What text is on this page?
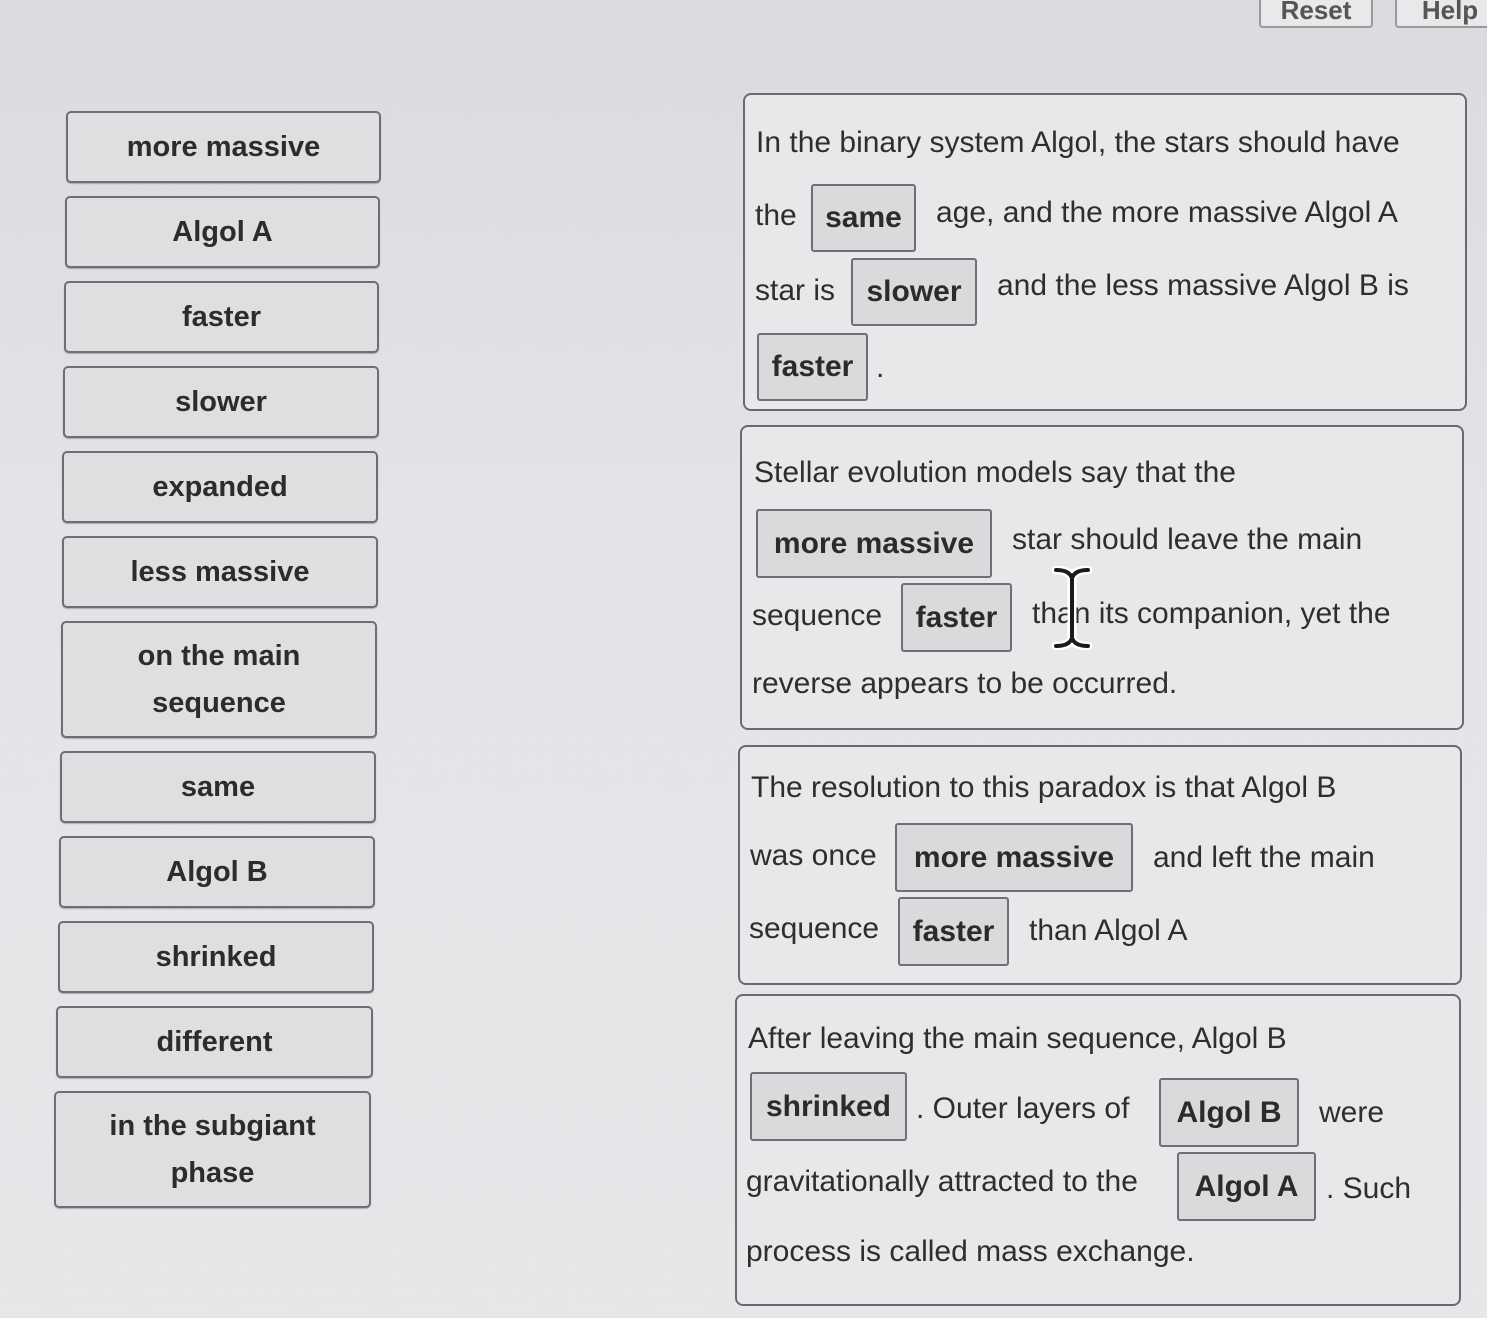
Reset	Help
more massive
Algol A
faster
slower
expanded
less massive
on the main
sequence
same
Algol B
shrinked
different
in the subgiant
phase
In the binary system Algol, the stars should have
the same	age, and the more massive Algol A
star is	slower	and the less massive Algol B is
faster .
Stellar evolution models say that the
more massive	star should leave the main
sequence	faster	than its companion, yet the
reverse appears to be occurred.
The resolution to this paradox is that Algol B
was once	more massive	and left the main
sequence	faster	than Algol A
After leaving the main sequence, Algol B
shrinked . Outer layers of	Algol B	were
gravitationally attracted to the	Algol A . Such
process is called mass exchange.
